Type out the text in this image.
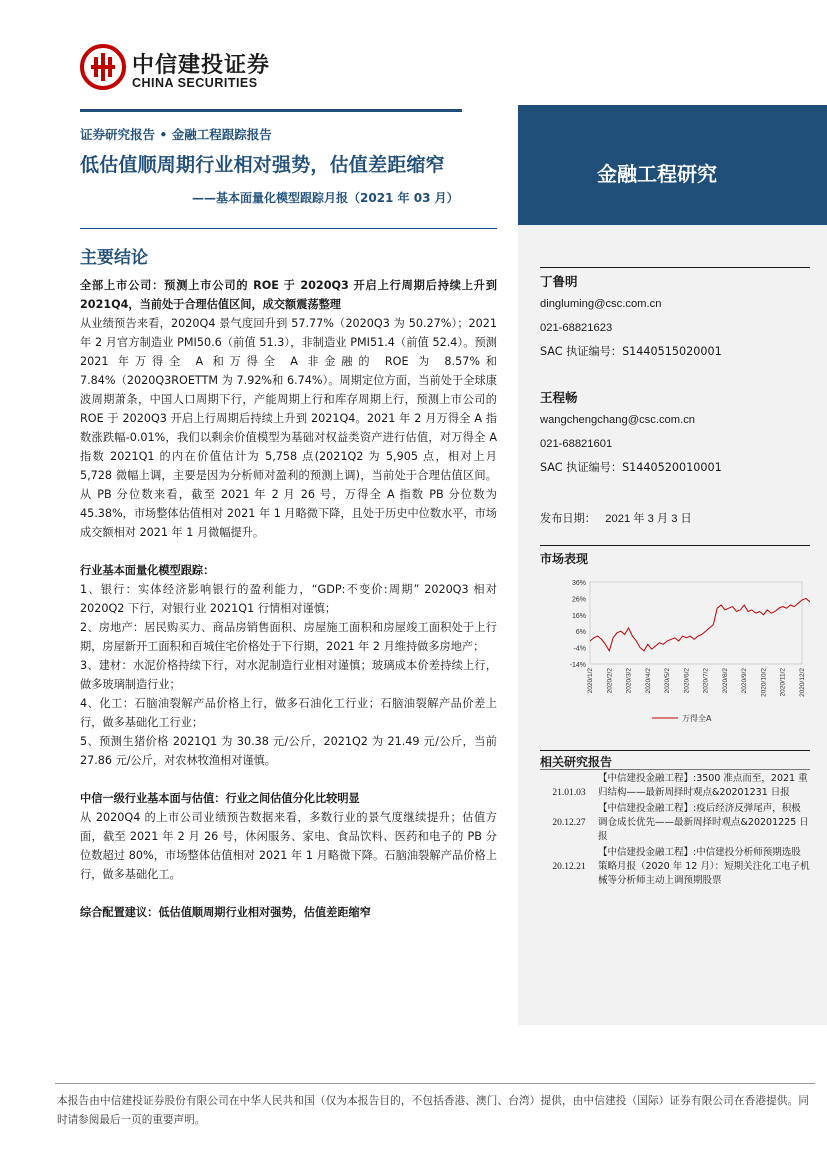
中信建投证券
CHINA SECURITIES
金融工程研究
证券研究报告 • 金融工程跟踪报告
低估值顺周期行业相对强势，估值差距缩窄
——基本面量化模型跟踪月报（2021 年 03 月）
主要结论

全部上市公司：预测上市公司的 ROE 于 2020Q3 开启上行周期后持续上升到 2021Q4，当前处于合理估值区间，成交额震荡整理

从业绩预告来看，2020Q4 景气度回升到 57.77%（2020Q3 为 50.27%）；2021 年 2 月官方制造业 PMI50.6（前值 51.3），非制造业 PMI51.4（前值 52.4）。预测 2021 年万得全 A 和万得全 A 非金融的 ROE 为 8.57%和 7.84%（2020Q3ROETTM 为 7.92%和 6.74%）。周期定位方面，当前处于全球康波周期萧条，中国人口周期下行，产能周期上行和库存周期上行，预测上市公司的 ROE 于 2020Q3 开启上行周期后持续上升到 2021Q4。2021 年 2 月万得全 A 指数涨跌幅-0.01%，我们以剩余价值模型为基础对权益类资产进行估值，对万得全 A 指数 2021Q1 的内在价值估计为 5,758 点(2021Q2 为 5,905 点，相对上月 5,728 微幅上调，主要是因为分析师对盈利的预测上调)，当前处于合理估值区间。从 PB 分位数来看，截至 2021 年 2 月 26 号，万得全 A 指数 PB 分位数为 45.38%，市场整体估值相对 2021 年 1 月略微下降，且处于历史中位数水平，市场成交额相对 2021 年 1 月微幅提升。

行业基本面量化模型跟踪：

1、银行：实体经济影响银行的盈利能力，“GDP:不变价:周期” 2020Q3 相对 2020Q2 下行，对银行业 2021Q1 行情相对谨慎；

2、房地产：居民购买力、商品房销售面积、房屋施工面积和房屋竣工面积处于上行期，房屋新开工面积和百城住宅价格处于下行期，2021 年 2 月维持做多房地产；

3、建材：水泥价格持续下行，对水泥制造行业相对谨慎；玻璃成本价差持续上行，做多玻璃制造行业；

4、化工：石脑油裂解产品价格上行，做多石油化工行业；石脑油裂解产品价差上行，做多基础化工行业；

5、预测生猪价格 2021Q1 为 30.38 元/公斤，2021Q2 为 21.49 元/公斤，当前 27.86 元/公斤，对农林牧渔相对谨慎。

中信一级行业基本面与估值：行业之间估值分化比较明显

从 2020Q4 的上市公司业绩预告数据来看，多数行业的景气度继续提升；估值方面，截至 2021 年 2 月 26 号，休闲服务、家电、食品饮料、医药和电子的 PB 分位数超过 80%，市场整体估值相对 2021 年 1 月略微下降。石脑油裂解产品价格上行，做多基础化工。

综合配置建议：低估值顺周期行业相对强势，估值差距缩窄

丁鲁明
dingluming@csc.com.cn
021-68821623
SAC 执证编号：S1440515020001
王程畅
wangchengchang@csc.com.cn
021-68821601
SAC 执证编号：S1440520010001
发布日期： 2021 年 3 月 3 日
市场表现
36%
26%
16%
6%
-4%
-14%
2020/1/2 2020/2/2 2020/3/2 2020/4/2 2020/5/2 2020/6/2 2020/7/2 2020/8/2 2020/9/2 2020/10/2 2020/11/2 2020/12/2
万得全A
相关研究报告
21.01.03
【中信建投金融工程】:3500 准点而至，2021 重归结构——最新周择时观点&20201231 日报
20.12.27
【中信建投金融工程】:疫后经济反弹尾声，积极调仓成长优先——最新周择时观点&20201225 日报
20.12.21
【中信建投金融工程】:中信建投分析师预期选股策略月报（2020 年 12 月）：短期关注化工电子机械等分析师主动上调预期股票
本报告由中信建投证券股份有限公司在中华人民共和国（仅为本报告目的，不包括香港、澳门、台湾）提供，由中信建投（国际）证券有限公司在香港提供。同时请参阅最后一页的重要声明。
